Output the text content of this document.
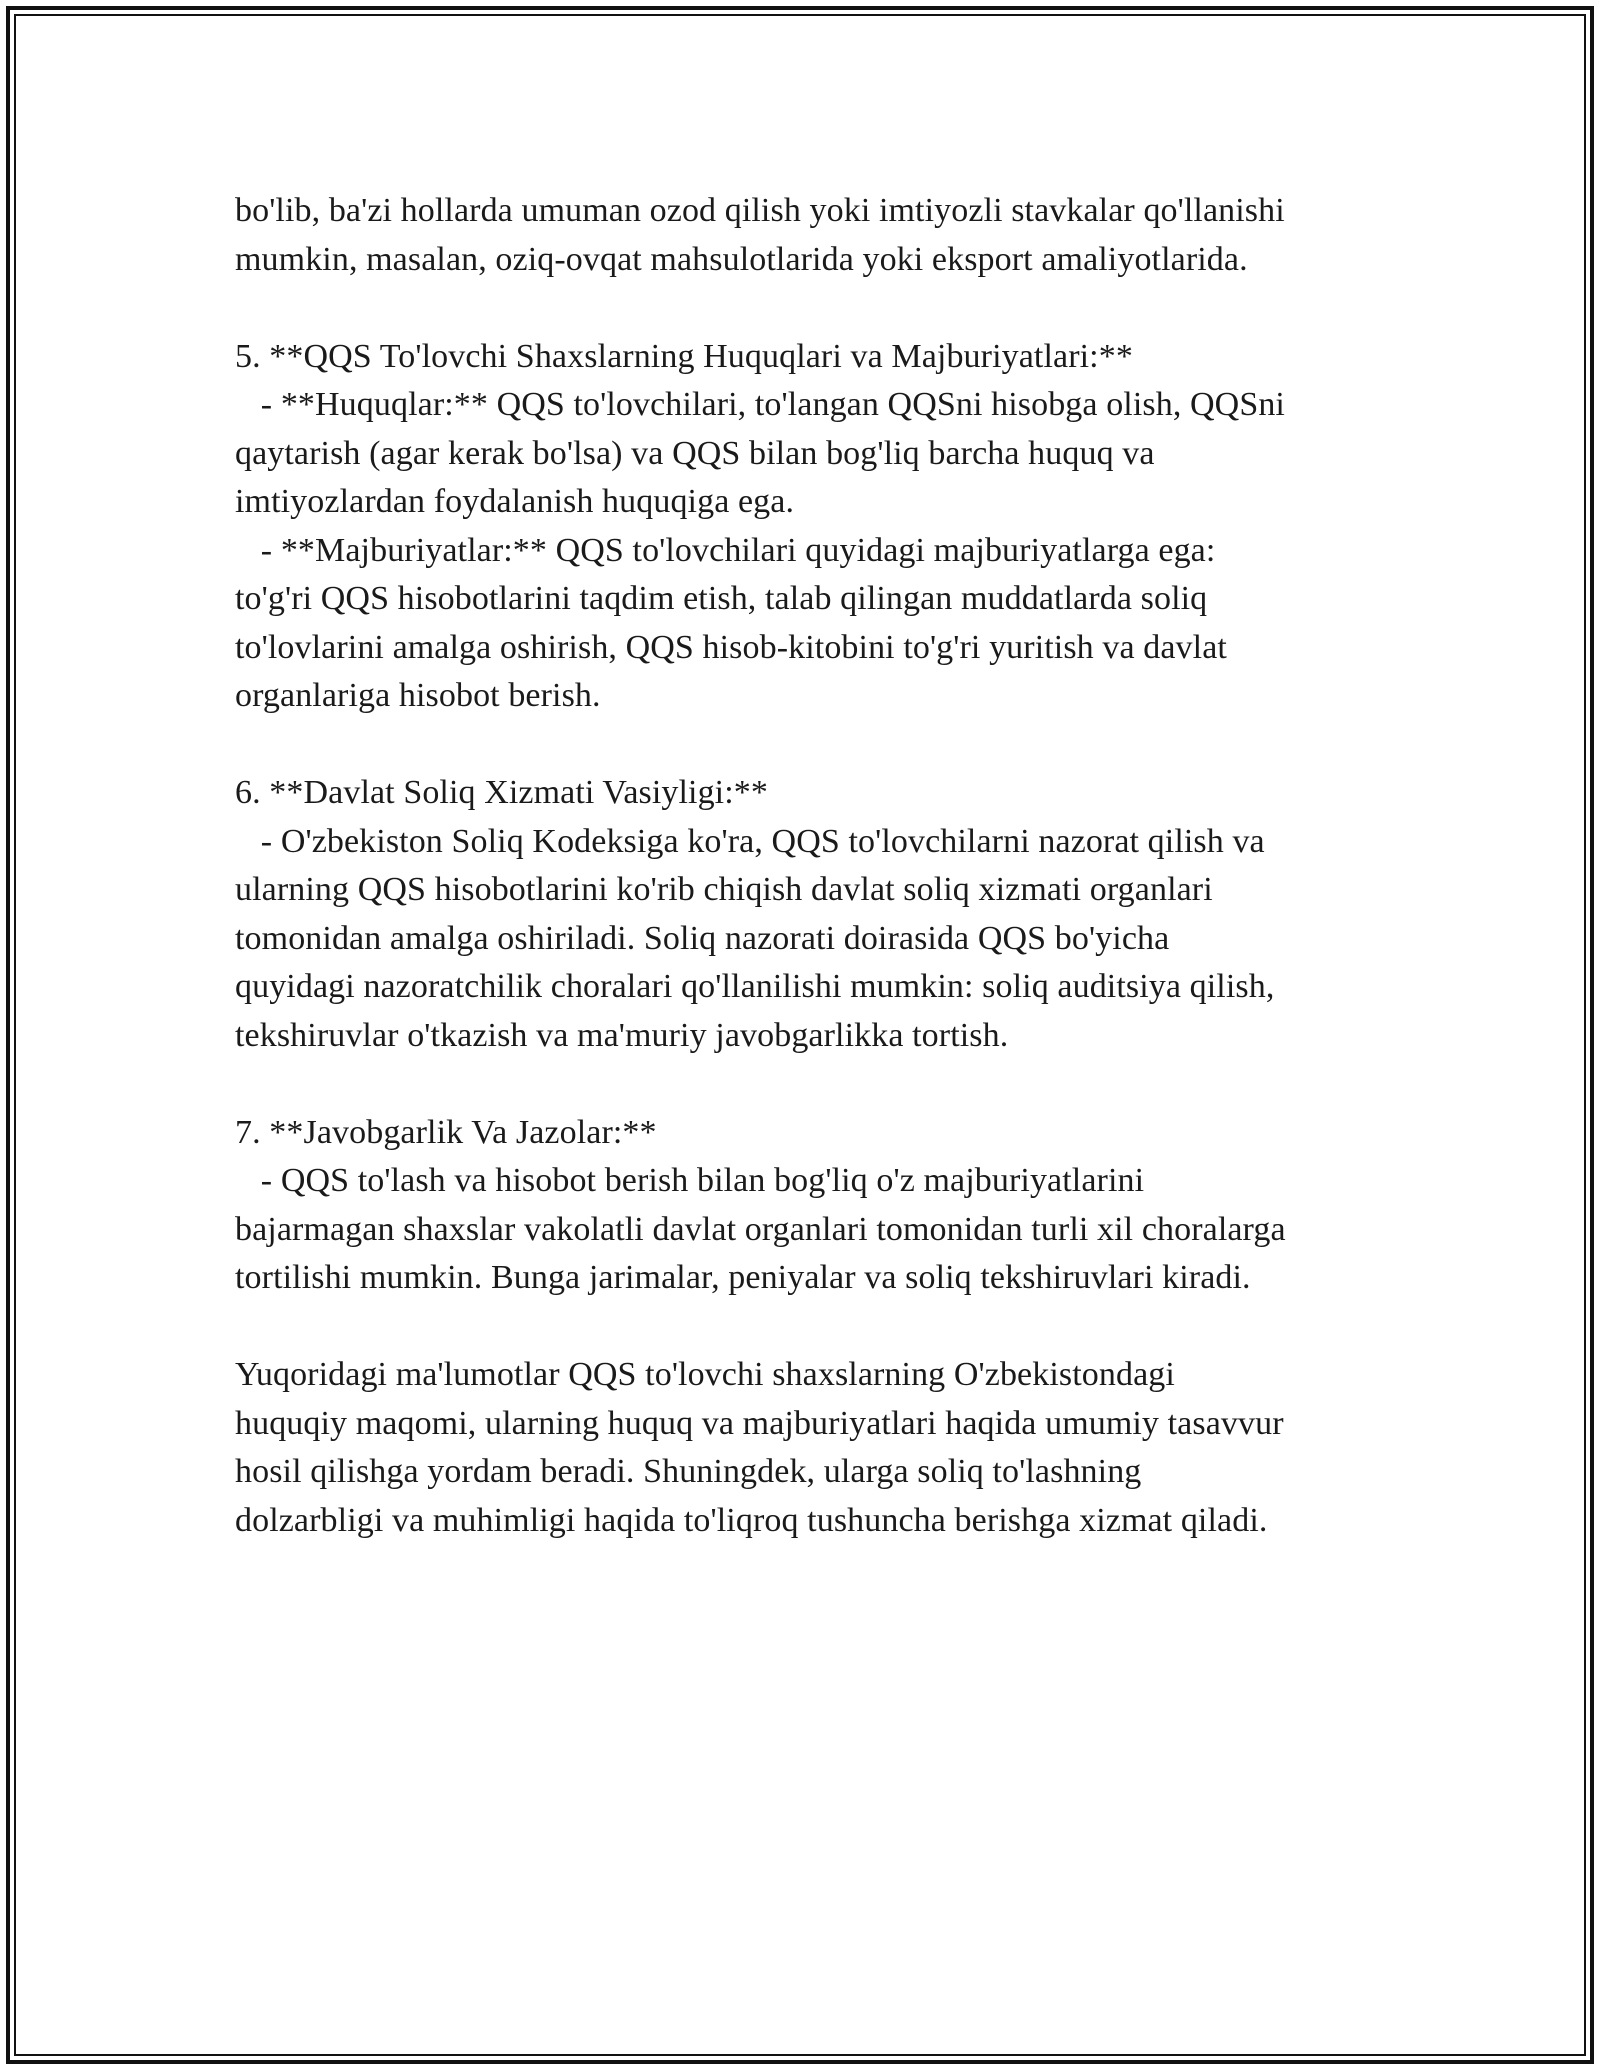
bo'lib, ba'zi hollarda umuman ozod qilish yoki imtiyozli stavkalar qo'llanishi
mumkin, masalan, oziq-ovqat mahsulotlarida yoki eksport amaliyotlarida.
5. **QQS To'lovchi Shaxslarning Huquqlari va Majburiyatlari:**
- **Huquqlar:** QQS to'lovchilari, to'langan QQSni hisobga olish, QQSni
qaytarish (agar kerak bo'lsa) va QQS bilan bog'liq barcha huquq va
imtiyozlardan foydalanish huquqiga ega.
- **Majburiyatlar:** QQS to'lovchilari quyidagi majburiyatlarga ega:
to'g'ri QQS hisobotlarini taqdim etish, talab qilingan muddatlarda soliq
to'lovlarini amalga oshirish, QQS hisob-kitobini to'g'ri yuritish va davlat
organlariga hisobot berish.
6. **Davlat Soliq Xizmati Vasiyligi:**
- O'zbekiston Soliq Kodeksiga ko'ra, QQS to'lovchilarni nazorat qilish va
ularning QQS hisobotlarini ko'rib chiqish davlat soliq xizmati organlari
tomonidan amalga oshiriladi. Soliq nazorati doirasida QQS bo'yicha
quyidagi nazoratchilik choralari qo'llanilishi mumkin: soliq auditsiya qilish,
tekshiruvlar o'tkazish va ma'muriy javobgarlikka tortish.
7. **Javobgarlik Va Jazolar:**
- QQS to'lash va hisobot berish bilan bog'liq o'z majburiyatlarini
bajarmagan shaxslar vakolatli davlat organlari tomonidan turli xil choralarga
tortilishi mumkin. Bunga jarimalar, peniyalar va soliq tekshiruvlari kiradi.
Yuqoridagi ma'lumotlar QQS to'lovchi shaxslarning O'zbekistondagi
huquqiy maqomi, ularning huquq va majburiyatlari haqida umumiy tasavvur
hosil qilishga yordam beradi. Shuningdek, ularga soliq to'lashning
dolzarbligi va muhimligi haqida to'liqroq tushuncha berishga xizmat qiladi.
